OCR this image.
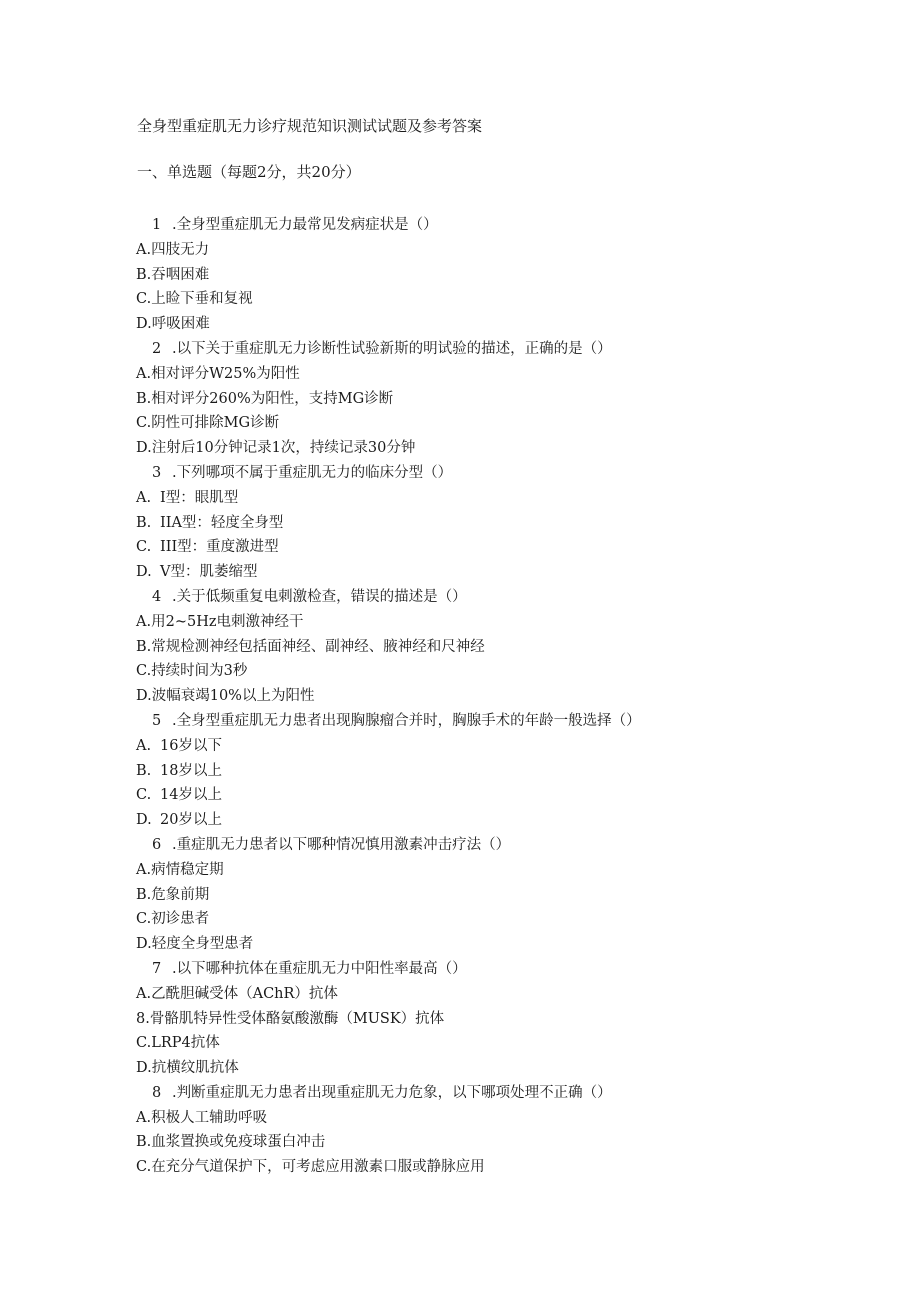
全身型重症肌无力诊疗规范知识测试试题及参考答案
一、单选题（每题2分，共20分）
1 .全身型重症肌无力最常见发病症状是（）
A.四肢无力
B.吞咽困难
C.上睑下垂和复视
D.呼吸困难
2 .以下关于重症肌无力诊断性试验新斯的明试验的描述，正确的是（）
A.相对评分W25%为阳性
B.相对评分260%为阳性，支持MG诊断
C.阴性可排除MG诊断
D.注射后10分钟记录1次，持续记录30分钟
3 .下列哪项不属于重症肌无力的临床分型（）
A. I型：眼肌型
B. IIA型：轻度全身型
C. III型：重度激进型
D. V型：肌萎缩型
4 .关于低频重复电刺激检查，错误的描述是（）
A.用2~5Hz电刺激神经干
B.常规检测神经包括面神经、副神经、腋神经和尺神经
C.持续时间为3秒
D.波幅衰竭10%以上为阳性
5 .全身型重症肌无力患者出现胸腺瘤合并时，胸腺手术的年龄一般选择（）
A. 16岁以下
B. 18岁以上
C. 14岁以上
D. 20岁以上
6 .重症肌无力患者以下哪种情况慎用激素冲击疗法（）
A.病情稳定期
B.危象前期
C.初诊患者
D.轻度全身型患者
7 .以下哪种抗体在重症肌无力中阳性率最高（）
A.乙酰胆碱受体（AChR）抗体
8.骨骼肌特异性受体酪氨酸激酶（MUSK）抗体
C.LRP4抗体
D.抗横纹肌抗体
8 .判断重症肌无力患者出现重症肌无力危象，以下哪项处理不正确（）
A.积极人工辅助呼吸
B.血浆置换或免疫球蛋白冲击
C.在充分气道保护下，可考虑应用激素口服或静脉应用
